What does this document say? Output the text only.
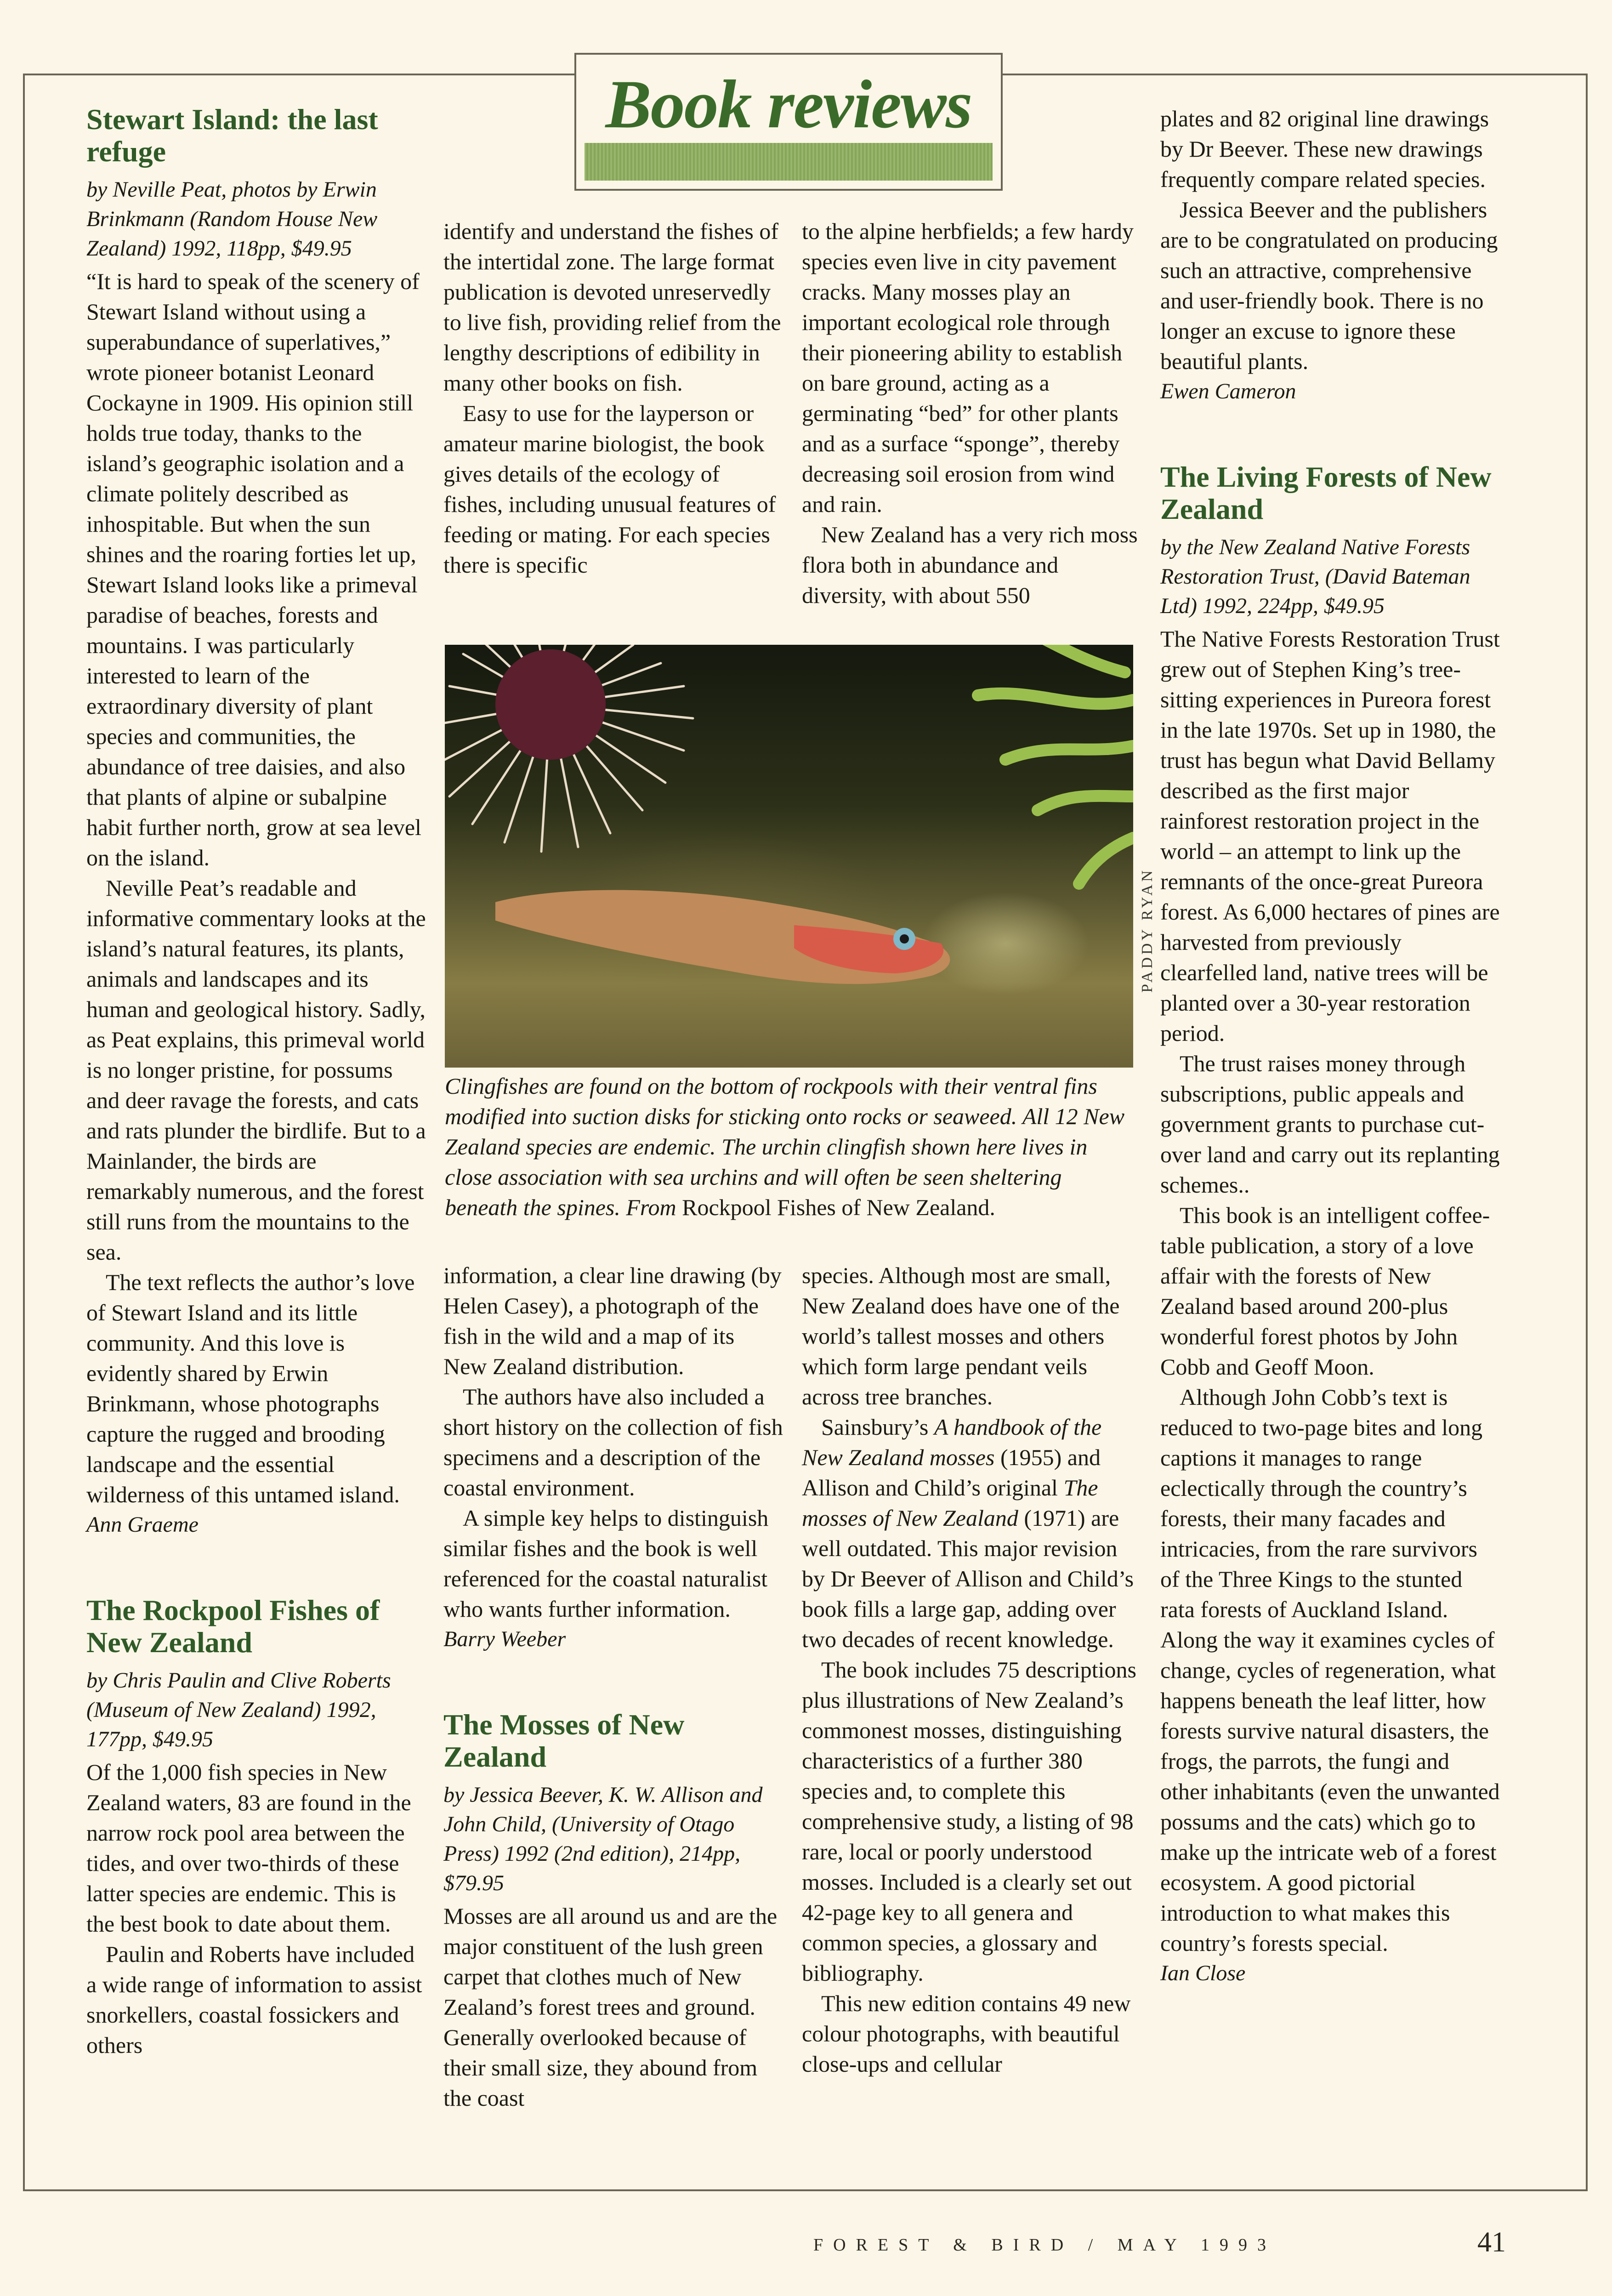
Book reviews
Stewart Island: the last refuge
by Neville Peat, photos by Erwin Brinkmann (Random House New Zealand) 1992, 118pp, $49.95

“It is hard to speak of the scenery of Stewart Island without using a superabundance of superlatives,” wrote pioneer botanist Leonard Cockayne in 1909. His opinion still holds true today, thanks to the island’s geographic isolation and a climate politely described as inhospitable. But when the sun shines and the roaring forties let up, Stewart Island looks like a primeval paradise of beaches, forests and mountains. I was particularly interested to learn of the extraordinary diversity of plant species and communities, the abundance of tree daisies, and also that plants of alpine or subalpine habit further north, grow at sea level on the island.

Neville Peat’s readable and informative commentary looks at the island’s natural features, its plants, animals and landscapes and its human and geological history. Sadly, as Peat explains, this primeval world is no longer pristine, for possums and deer ravage the forests, and cats and rats plunder the birdlife. But to a Mainlander, the birds are remarkably numerous, and the forest still runs from the mountains to the sea.

The text reflects the author’s love of Stewart Island and its little community. And this love is evidently shared by Erwin Brinkmann, whose photographs capture the rugged and brooding landscape and the essential wilderness of this untamed island.

Ann Graeme
The Rockpool Fishes of New Zealand
by Chris Paulin and Clive Roberts (Museum of New Zealand) 1992, 177pp, $49.95

Of the 1,000 fish species in New Zealand waters, 83 are found in the narrow rock pool area between the tides, and over two-thirds of these latter species are endemic. This is the best book to date about them.

Paulin and Roberts have included a wide range of information to assist snorkellers, coastal fossickers and others

identify and understand the fishes of the intertidal zone. The large format publication is devoted unreservedly to live fish, providing relief from the lengthy descriptions of edibility in many other books on fish.

Easy to use for the layperson or amateur marine biologist, the book gives details of the ecology of fishes, including unusual features of feeding or mating. For each species there is specific

to the alpine herbfields; a few hardy species even live in city pavement cracks. Many mosses play an important ecological role through their pioneering ability to establish on bare ground, acting as a germinating “bed” for other plants and as a surface “sponge”, thereby decreasing soil erosion from wind and rain.

New Zealand has a very rich moss flora both in abundance and diversity, with about 550

PADDY RYAN
Clingfishes are found on the bottom of rockpools with their ventral fins modified into suction disks for sticking onto rocks or seaweed. All 12 New Zealand species are endemic. The urchin clingfish shown here lives in close association with sea urchins and will often be seen sheltering beneath the spines. From Rockpool Fishes of New Zealand.

information, a clear line drawing (by Helen Casey), a photograph of the fish in the wild and a map of its New Zealand distribution.

The authors have also included a short history on the collection of fish specimens and a description of the coastal environment.

A simple key helps to distinguish similar fishes and the book is well referenced for the coastal naturalist who wants further information.

Barry Weeber
The Mosses of New Zealand
by Jessica Beever, K. W. Allison and John Child, (University of Otago Press) 1992 (2nd edition), 214pp, $79.95

Mosses are all around us and are the major constituent of the lush green carpet that clothes much of New Zealand’s forest trees and ground. Generally overlooked because of their small size, they abound from the coast

species. Although most are small, New Zealand does have one of the world’s tallest mosses and others which form large pendant veils across tree branches.

Sainsbury’s A handbook of the New Zealand mosses (1955) and Allison and Child’s original The mosses of New Zealand (1971) are well outdated. This major revision by Dr Beever of Allison and Child’s book fills a large gap, adding over two decades of recent knowledge.

The book includes 75 descriptions plus illustrations of New Zealand’s commonest mosses, distinguishing characteristics of a further 380 species and, to complete this comprehensive study, a listing of 98 rare, local or poorly understood mosses. Included is a clearly set out 42-page key to all genera and common species, a glossary and bibliography.

This new edition contains 49 new colour photographs, with beautiful close-ups and cellular

plates and 82 original line drawings by Dr Beever. These new drawings frequently compare related species.

Jessica Beever and the publishers are to be congratulated on producing such an attractive, comprehensive and user-friendly book. There is no longer an excuse to ignore these beautiful plants.

Ewen Cameron
The Living Forests of New Zealand
by the New Zealand Native Forests Restoration Trust, (David Bateman Ltd) 1992, 224pp, $49.95

The Native Forests Restoration Trust grew out of Stephen King’s tree-sitting experiences in Pureora forest in the late 1970s. Set up in 1980, the trust has begun what David Bellamy described as the first major rainforest restoration project in the world – an attempt to link up the remnants of the once-great Pureora forest. As 6,000 hectares of pines are harvested from previously clearfelled land, native trees will be planted over a 30-year restoration period.

The trust raises money through subscriptions, public appeals and government grants to purchase cut-over land and carry out its replanting schemes..

This book is an intelligent coffee-table publication, a story of a love affair with the forests of New Zealand based around 200-plus wonderful forest photos by John Cobb and Geoff Moon.

Although John Cobb’s text is reduced to two-page bites and long captions it manages to range eclectically through the country’s forests, their many facades and intricacies, from the rare survivors of the Three Kings to the stunted rata forests of Auckland Island. Along the way it examines cycles of change, cycles of regeneration, what happens beneath the leaf litter, how forests survive natural disasters, the frogs, the parrots, the fungi and other inhabitants (even the unwanted possums and the cats) which go to make up the intricate web of a forest ecosystem. A good pictorial introduction to what makes this country’s forests special.

Ian Close
FOREST & BIRD / MAY 1993	41
